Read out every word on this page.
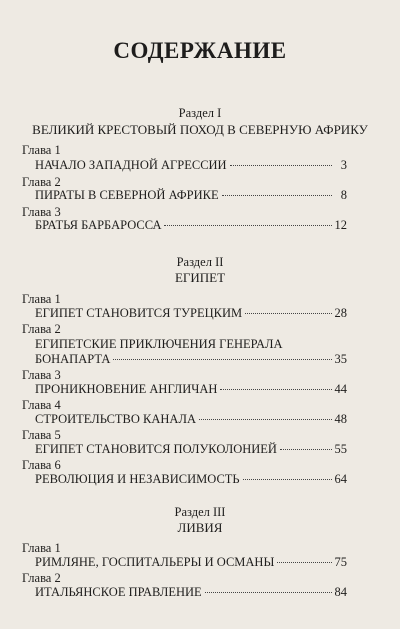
СОДЕРЖАНИЕ
Раздел I
ВЕЛИКИЙ КРЕСТОВЫЙ ПОХОД В СЕВЕРНУЮ АФРИКУ
Глава 1
НАЧАЛО ЗАПАДНОЙ АГРЕССИИ	3
Глава 2
ПИРАТЫ В СЕВЕРНОЙ АФРИКЕ	8
Глава 3
БРАТЬЯ БАРБАРОССА	12
Раздел II
ЕГИПЕТ
Глава 1
ЕГИПЕТ СТАНОВИТСЯ ТУРЕЦКИМ	28
Глава 2
ЕГИПЕТСКИЕ ПРИКЛЮЧЕНИЯ ГЕНЕРАЛА
БОНАПАРТА	35
Глава 3
ПРОНИКНОВЕНИЕ АНГЛИЧАН	44
Глава 4
СТРОИТЕЛЬСТВО КАНАЛА	48
Глава 5
ЕГИПЕТ СТАНОВИТСЯ ПОЛУКОЛОНИЕЙ	55
Глава 6
РЕВОЛЮЦИЯ И НЕЗАВИСИМОСТЬ	64
Раздел III
ЛИВИЯ
Глава 1
РИМЛЯНЕ, ГОСПИТАЛЬЕРЫ И ОСМАНЫ	75
Глава 2
ИТАЛЬЯНСКОЕ ПРАВЛЕНИЕ	84
